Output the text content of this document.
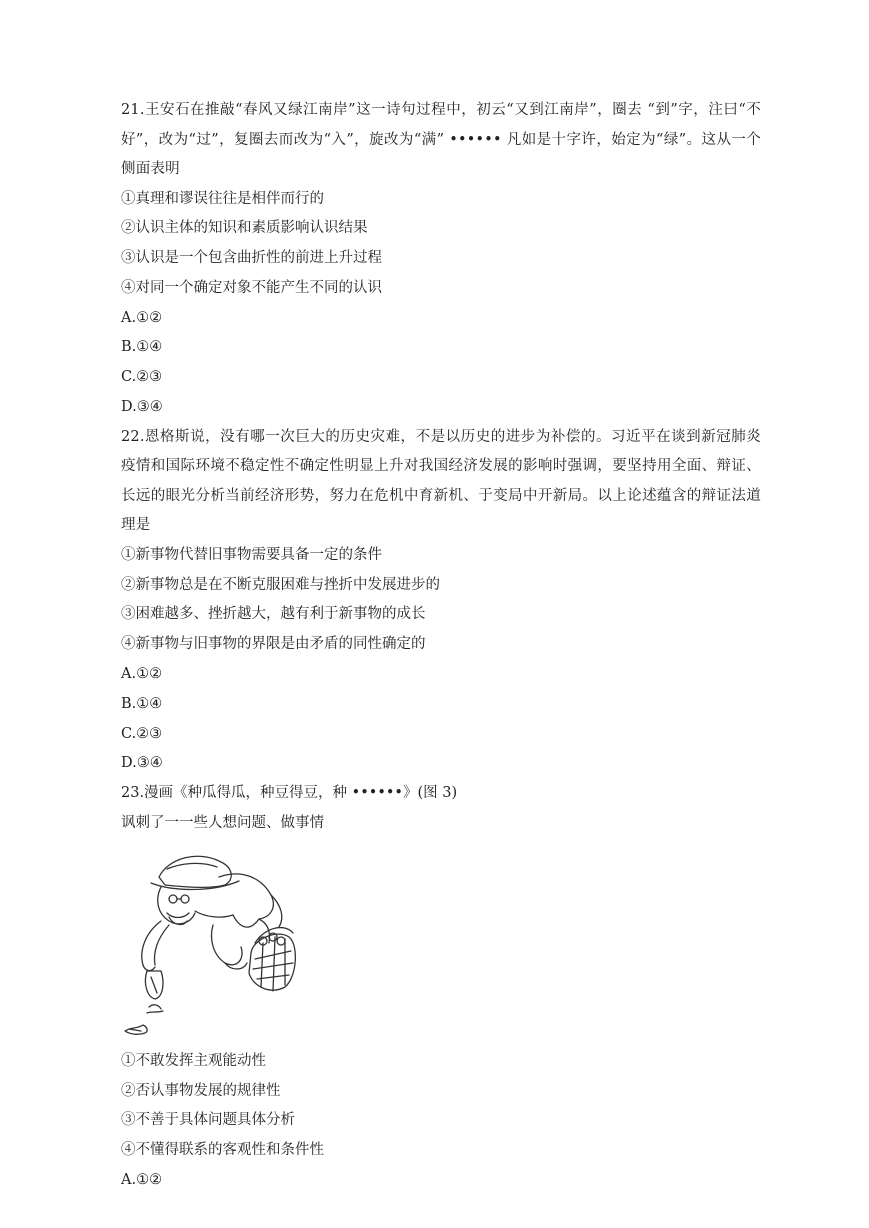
21.王安石在推敲“春风又绿江南岸”这一诗句过程中，初云“又到江南岸”，圈去 “到”字，注曰“不好”，改为“过”，复圈去而改为“入”，旋改为“满” •••••• 凡如是十字许，始定为“绿”。这从一个侧面表明

①真理和谬误往往是相伴而行的

②认识主体的知识和素质影响认识结果

③认识是一个包含曲折性的前进上升过程

④对同一个确定对象不能产生不同的认识

A.①②

B.①④

C.②③

D.③④

22.恩格斯说，没有哪一次巨大的历史灾难，不是以历史的进步为补偿的。习近平在谈到新冠肺炎疫情和国际环境不稳定性不确定性明显上升对我国经济发展的影响时强调，要坚持用全面、辩证、长远的眼光分析当前经济形势，努力在危机中育新机、于变局中开新局。以上论述蕴含的辩证法道理是

①新事物代替旧事物需要具备一定的条件

②新事物总是在不断克服困难与挫折中发展进步的

③困难越多、挫折越大，越有利于新事物的成长

④新事物与旧事物的界限是由矛盾的同性确定的

A.①②

B.①④

C.②③

D.③④

23.漫画《种瓜得瓜，种豆得豆，种 ••••••》(图 3)

讽刺了一一些人想问题、做事情

①不敢发挥主观能动性

②否认事物发展的规律性

③不善于具体问题具体分析

④不懂得联系的客观性和条件性

A.①②
